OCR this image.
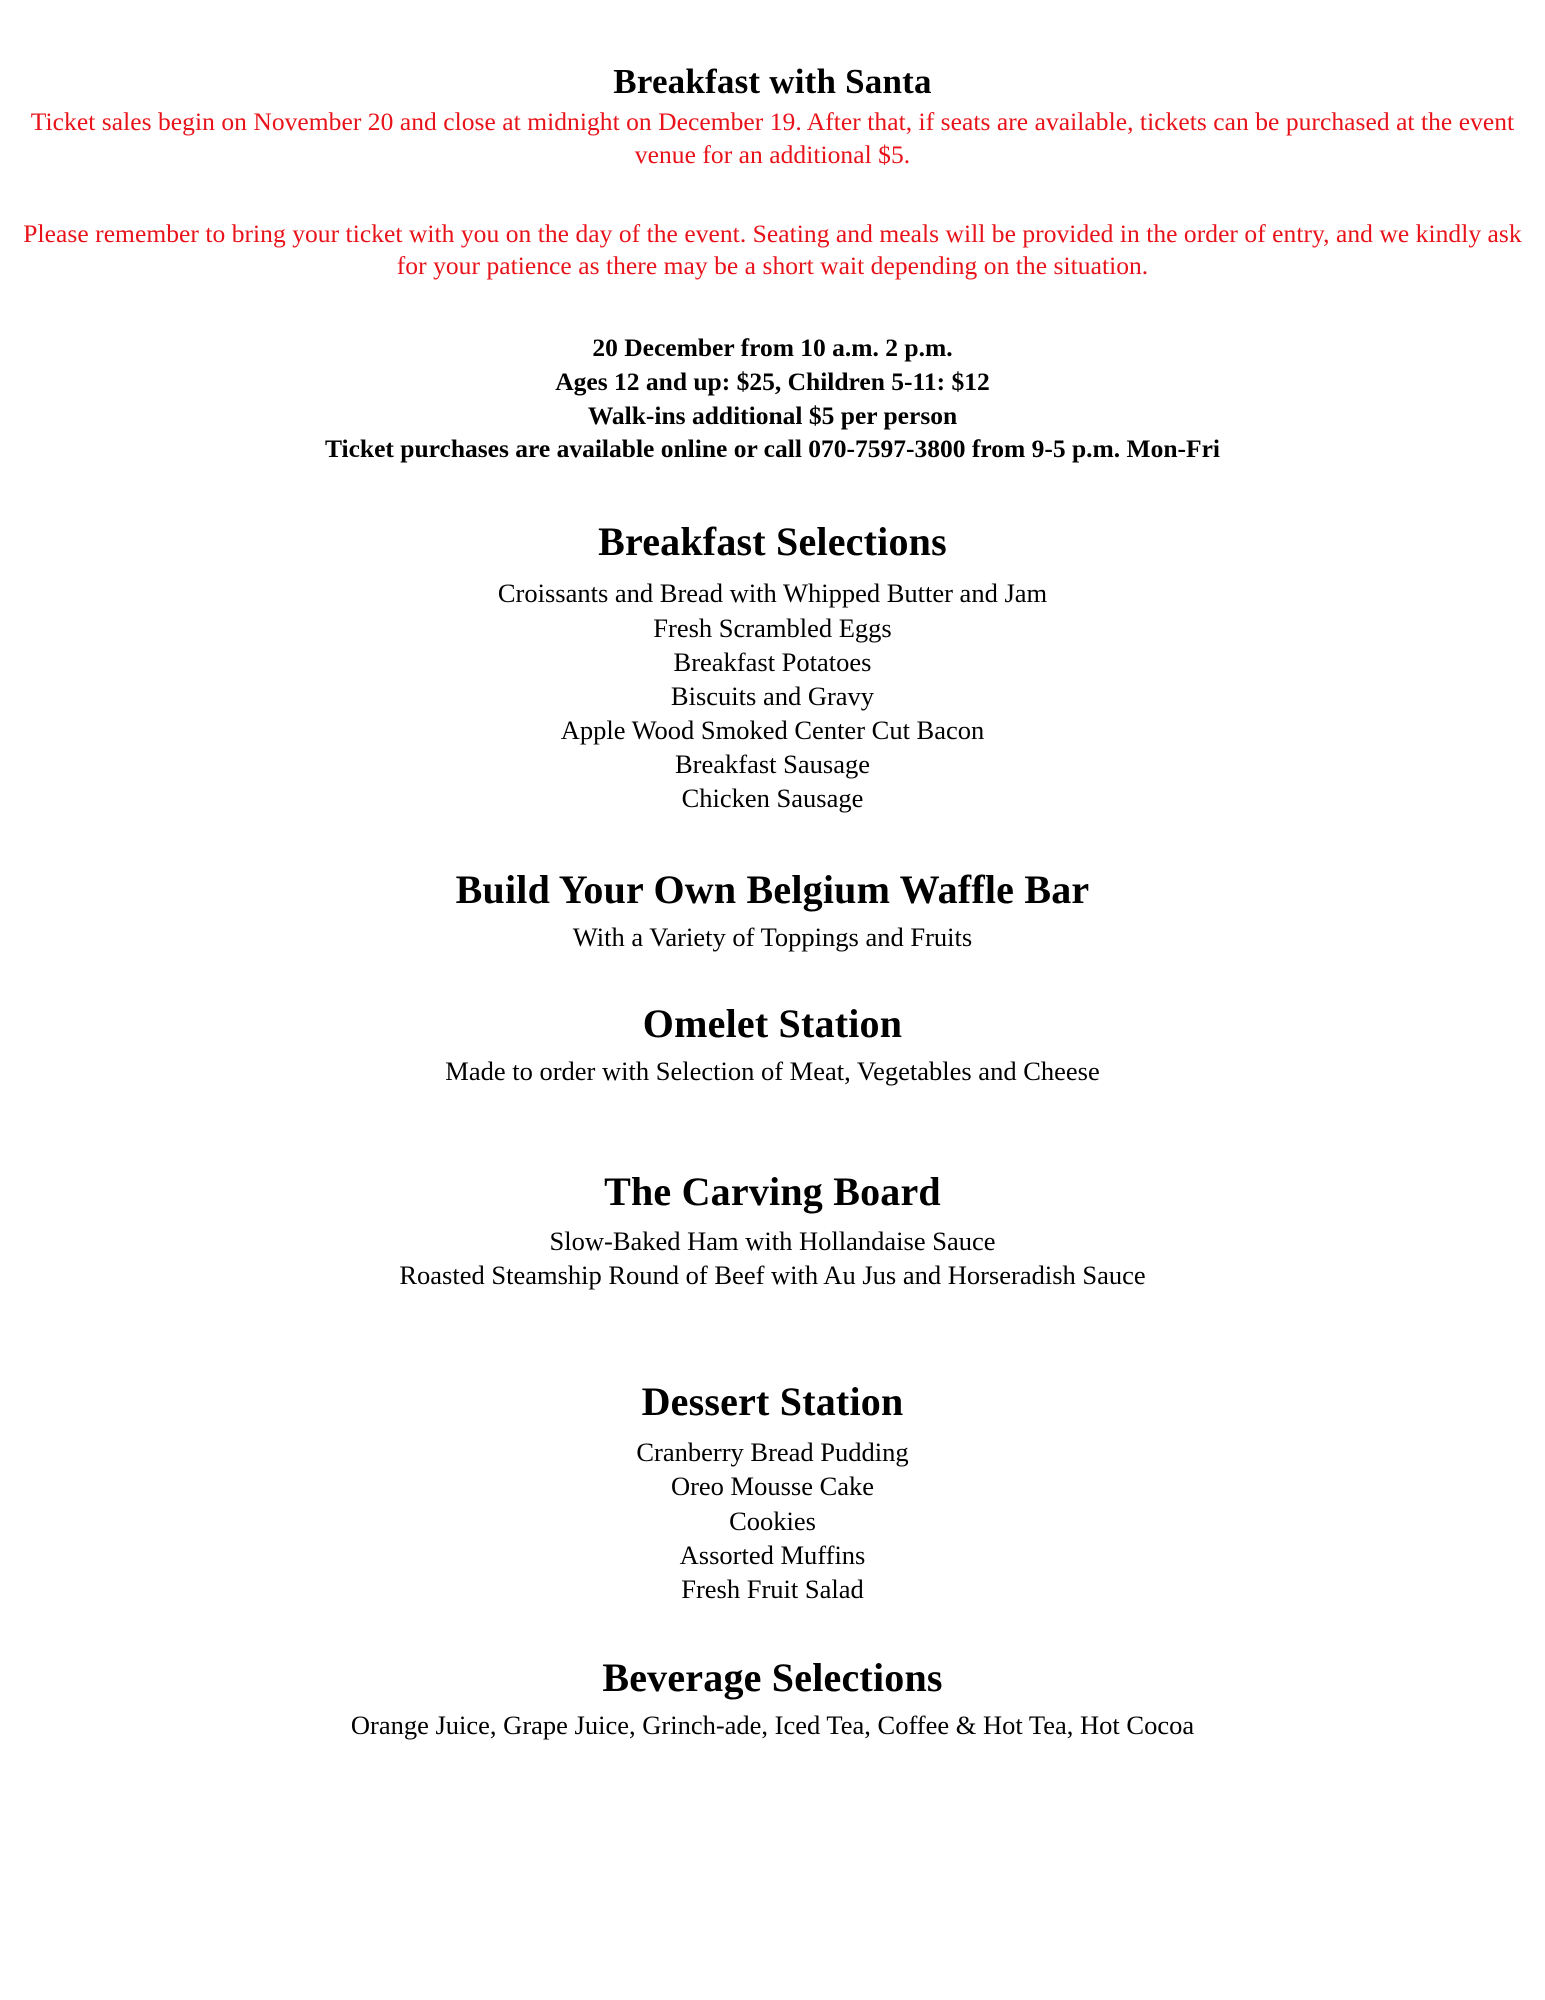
Breakfast with Santa

Ticket sales begin on November 20 and close at midnight on December 19. After that, if seats are available, tickets can be purchased at the event venue for an additional $5.

Please remember to bring your ticket with you on the day of the event. Seating and meals will be provided in the order of entry, and we kindly ask for your patience as there may be a short wait depending on the situation.

20 December from 10 a.m. 2 p.m.
Ages 12 and up: $25, Children 5-11: $12
Walk-ins additional $5 per person
Ticket purchases are available online or call 070-7597-3800 from 9-5 p.m. Mon-Fri
Breakfast Selections
Croissants and Bread with Whipped Butter and Jam
Fresh Scrambled Eggs
Breakfast Potatoes
Biscuits and Gravy
Apple Wood Smoked Center Cut Bacon
Breakfast Sausage
Chicken Sausage
Build Your Own Belgium Waffle Bar

With a Variety of Toppings and Fruits

Omelet Station

Made to order with Selection of Meat, Vegetables and Cheese

The Carving Board
Slow-Baked Ham with Hollandaise Sauce
Roasted Steamship Round of Beef with Au Jus and Horseradish Sauce
Dessert Station
Cranberry Bread Pudding
Oreo Mousse Cake
Cookies
Assorted Muffins
Fresh Fruit Salad
Beverage Selections

Orange Juice, Grape Juice, Grinch-ade, Iced Tea, Coffee & Hot Tea, Hot Cocoa
